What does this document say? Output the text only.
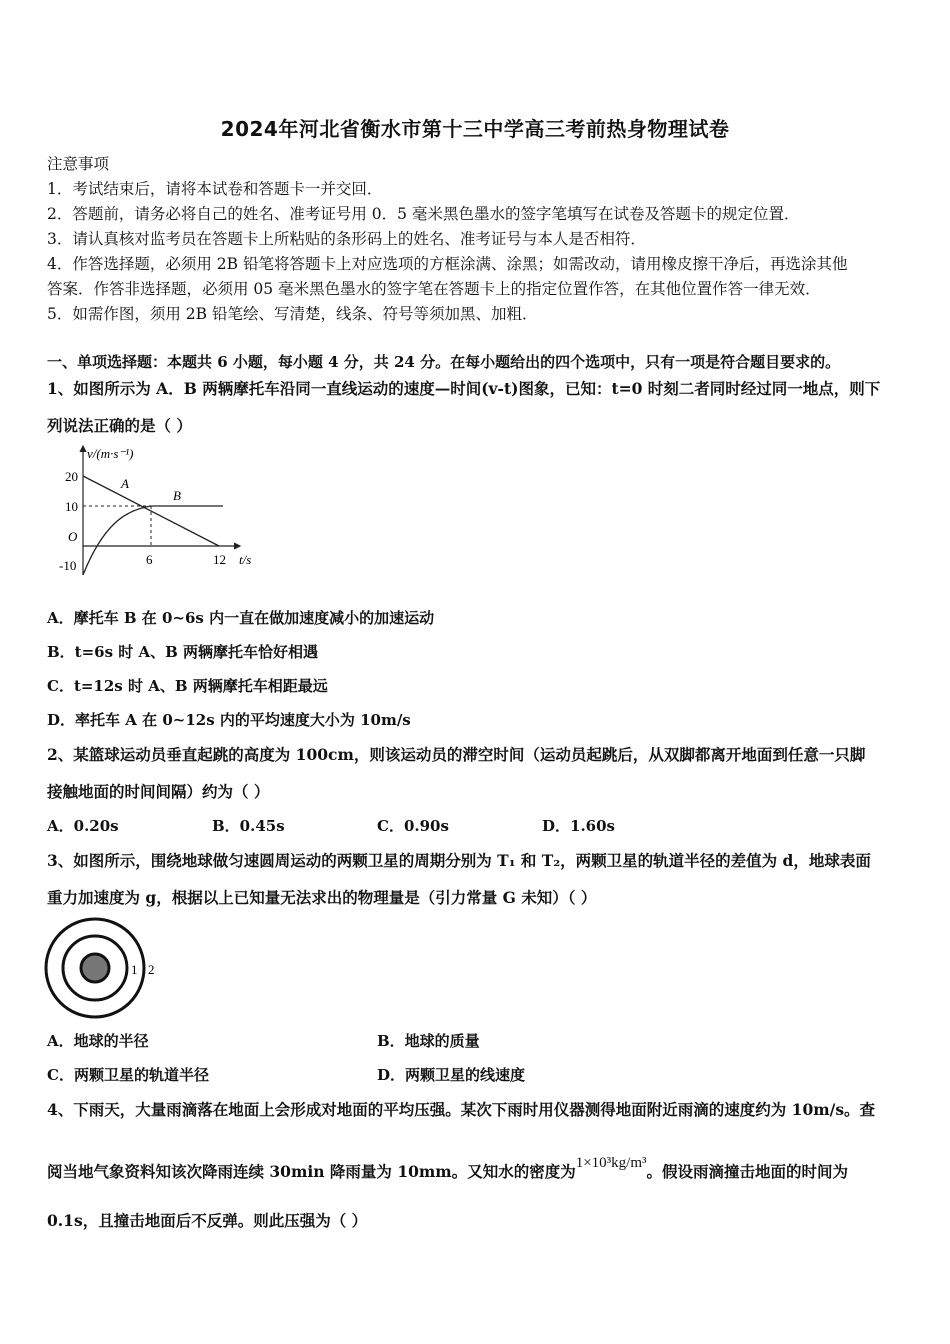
2024年河北省衡水市第十三中学高三考前热身物理试卷
注意事项
1．考试结束后，请将本试卷和答题卡一并交回．
2．答题前，请务必将自己的姓名、准考证号用 0．5 毫米黑色墨水的签字笔填写在试卷及答题卡的规定位置．
3．请认真核对监考员在答题卡上所粘贴的条形码上的姓名、准考证号与本人是否相符．
4．作答选择题，必须用 2B 铅笔将答题卡上对应选项的方框涂满、涂黑；如需改动，请用橡皮擦干净后，再选涂其他
答案．作答非选择题，必须用 05 毫米黑色墨水的签字笔在答题卡上的指定位置作答，在其他位置作答一律无效．
5．如需作图，须用 2B 铅笔绘、写清楚，线条、符号等须加黑、加粗．
一、单项选择题：本题共 6 小题，每小题 4 分，共 24 分。在每小题给出的四个选项中，只有一项是符合题目要求的。
1、如图所示为 A．B 两辆摩托车沿同一直线运动的速度—时间(v-t)图象，已知：t=0 时刻二者同时经过同一地点，则下
列说法正确的是（ ）
v/(m·s⁻¹)
20
10
-10
O
6	12 t/s
A
B
A．摩托车 B 在 0~6s 内一直在做加速度减小的加速运动
B．t=6s 时 A、B 两辆摩托车恰好相遇
C．t=12s 时 A、B 两辆摩托车相距最远
D．率托车 A 在 0~12s 内的平均速度大小为 10m/s
2、某篮球运动员垂直起跳的高度为 100cm，则该运动员的滞空时间（运动员起跳后，从双脚都离开地面到任意一只脚
接触地面的时间间隔）约为（ ）
A．0.20s	B．0.45s	C．0.90s	D．1.60s
3、如图所示，围绕地球做匀速圆周运动的两颗卫星的周期分别为 T₁ 和 T₂，两颗卫星的轨道半径的差值为 d，地球表面
重力加速度为 g，根据以上已知量无法求出的物理量是（引力常量 G 未知）（ ）
1 2
A．地球的半径	B．地球的质量
C．两颗卫星的轨道半径	D．两颗卫星的线速度
4、下雨天，大量雨滴落在地面上会形成对地面的平均压强。某次下雨时用仪器测得地面附近雨滴的速度约为 10m/s。查
阅当地气象资料知该次降雨连续 30min 降雨量为 10mm。又知水的密度为1×10³kg/m³。假设雨滴撞击地面的时间为
0.1s，且撞击地面后不反弹。则此压强为（ ）
